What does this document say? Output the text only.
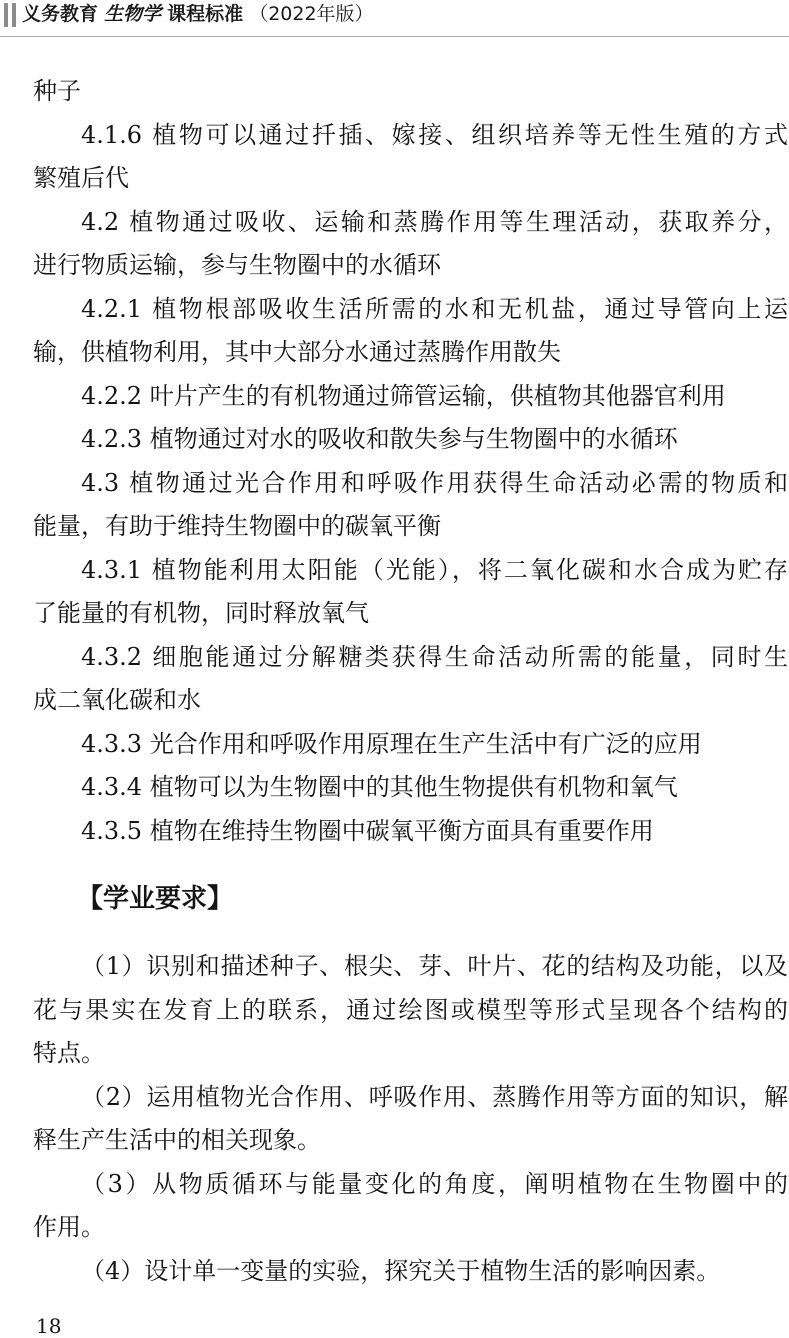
义务教育 生物学 课程标准 （2022年版）
种子
4.1.6 植物可以通过扦插、嫁接、组织培养等无性生殖的方式
繁殖后代
4.2 植物通过吸收、运输和蒸腾作用等生理活动，获取养分，
进行物质运输，参与生物圈中的水循环
4.2.1 植物根部吸收生活所需的水和无机盐，通过导管向上运
输，供植物利用，其中大部分水通过蒸腾作用散失
4.2.2 叶片产生的有机物通过筛管运输，供植物其他器官利用
4.2.3 植物通过对水的吸收和散失参与生物圈中的水循环
4.3 植物通过光合作用和呼吸作用获得生命活动必需的物质和
能量，有助于维持生物圈中的碳氧平衡
4.3.1 植物能利用太阳能（光能），将二氧化碳和水合成为贮存
了能量的有机物，同时释放氧气
4.3.2 细胞能通过分解糖类获得生命活动所需的能量，同时生
成二氧化碳和水
4.3.3 光合作用和呼吸作用原理在生产生活中有广泛的应用
4.3.4 植物可以为生物圈中的其他生物提供有机物和氧气
4.3.5 植物在维持生物圈中碳氧平衡方面具有重要作用
【学业要求】
（1）识别和描述种子、根尖、芽、叶片、花的结构及功能，以及
花与果实在发育上的联系，通过绘图或模型等形式呈现各个结构的
特点。
（2）运用植物光合作用、呼吸作用、蒸腾作用等方面的知识，解
释生产生活中的相关现象。
（3）从物质循环与能量变化的角度，阐明植物在生物圈中的
作用。
（4）设计单一变量的实验，探究关于植物生活的影响因素。
18
